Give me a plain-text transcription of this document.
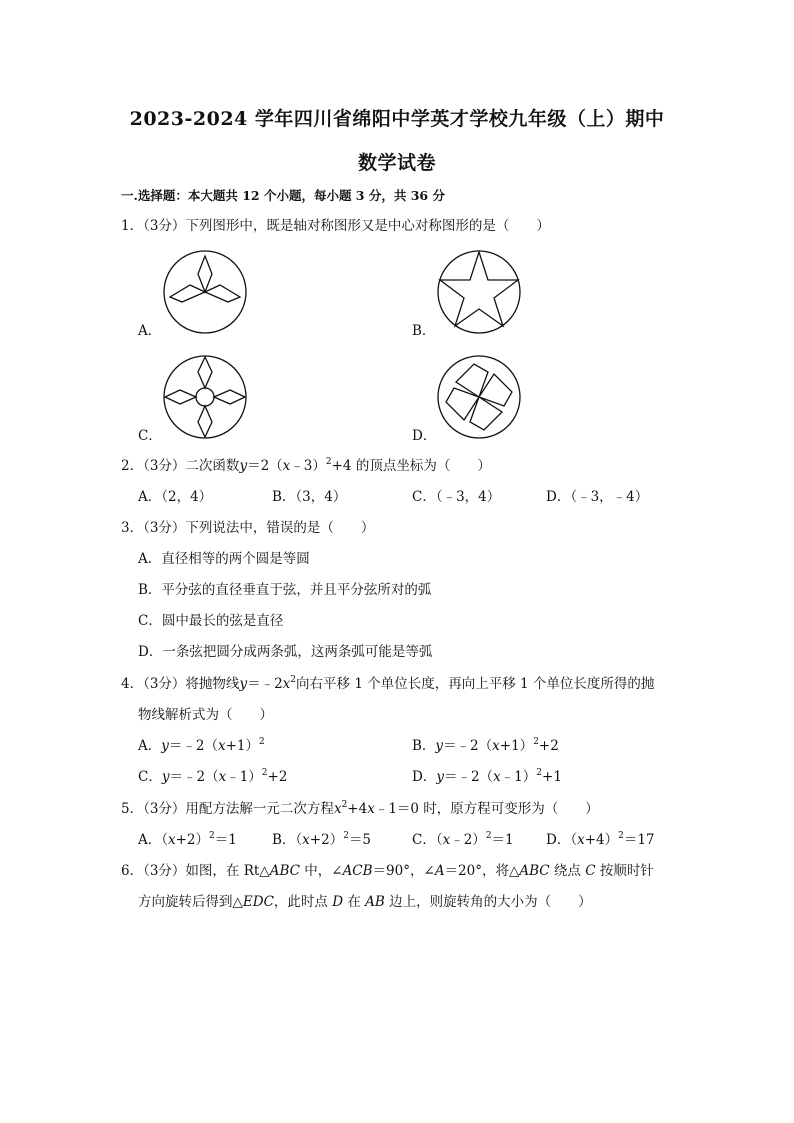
2023-2024 学年四川省绵阳中学英才学校九年级（上）期中
数学试卷
一.选择题：本大题共 12 个小题，每小题 3 分，共 36 分
1．（3分）下列图形中，既是轴对称图形又是中心对称图形的是（　　）
A．	B．
C．	D．
2．（3分）二次函数y＝2（x﹣3）$^2$+4 的顶点坐标为（　　）
A．（2，4）	B．（3，4）	C．（﹣3，4）	D．（﹣3，﹣4）
3．（3分）下列说法中，错误的是（　　）
A．直径相等的两个圆是等圆
B．平分弦的直径垂直于弦，并且平分弦所对的弧
C．圆中最长的弦是直径
D．一条弦把圆分成两条弧，这两条弧可能是等弧
4．（3分）将抛物线$y=﹣2x^2$向右平移 1 个单位长度，再向上平移 1 个单位长度所得的抛
物线解析式为（　　）
A．$y=﹣2(x+1)^2$	B．$y=﹣2(x+1)^2+2$
C．y＝﹣2（x﹣1）$^2$+2	D．y＝﹣2（x﹣1）$^2$+1
5．（3分）用配方法解一元二次方程$x^2+4x﹣1=0$ 时，原方程可变形为（　　）
A．$(x+2)^2=1$	B．$(x+2)^2=5$	C．（x﹣2）$^2$＝1 D．$(x+4)^2=17$
6．（3分）如图，在 Rt△ABC 中，∠ACB＝90°，∠A＝20°，将△ABC 绕点 C 按顺时针
方向旋转后得到△EDC，此时点 D 在 AB 边上，则旋转角的大小为（　　）
